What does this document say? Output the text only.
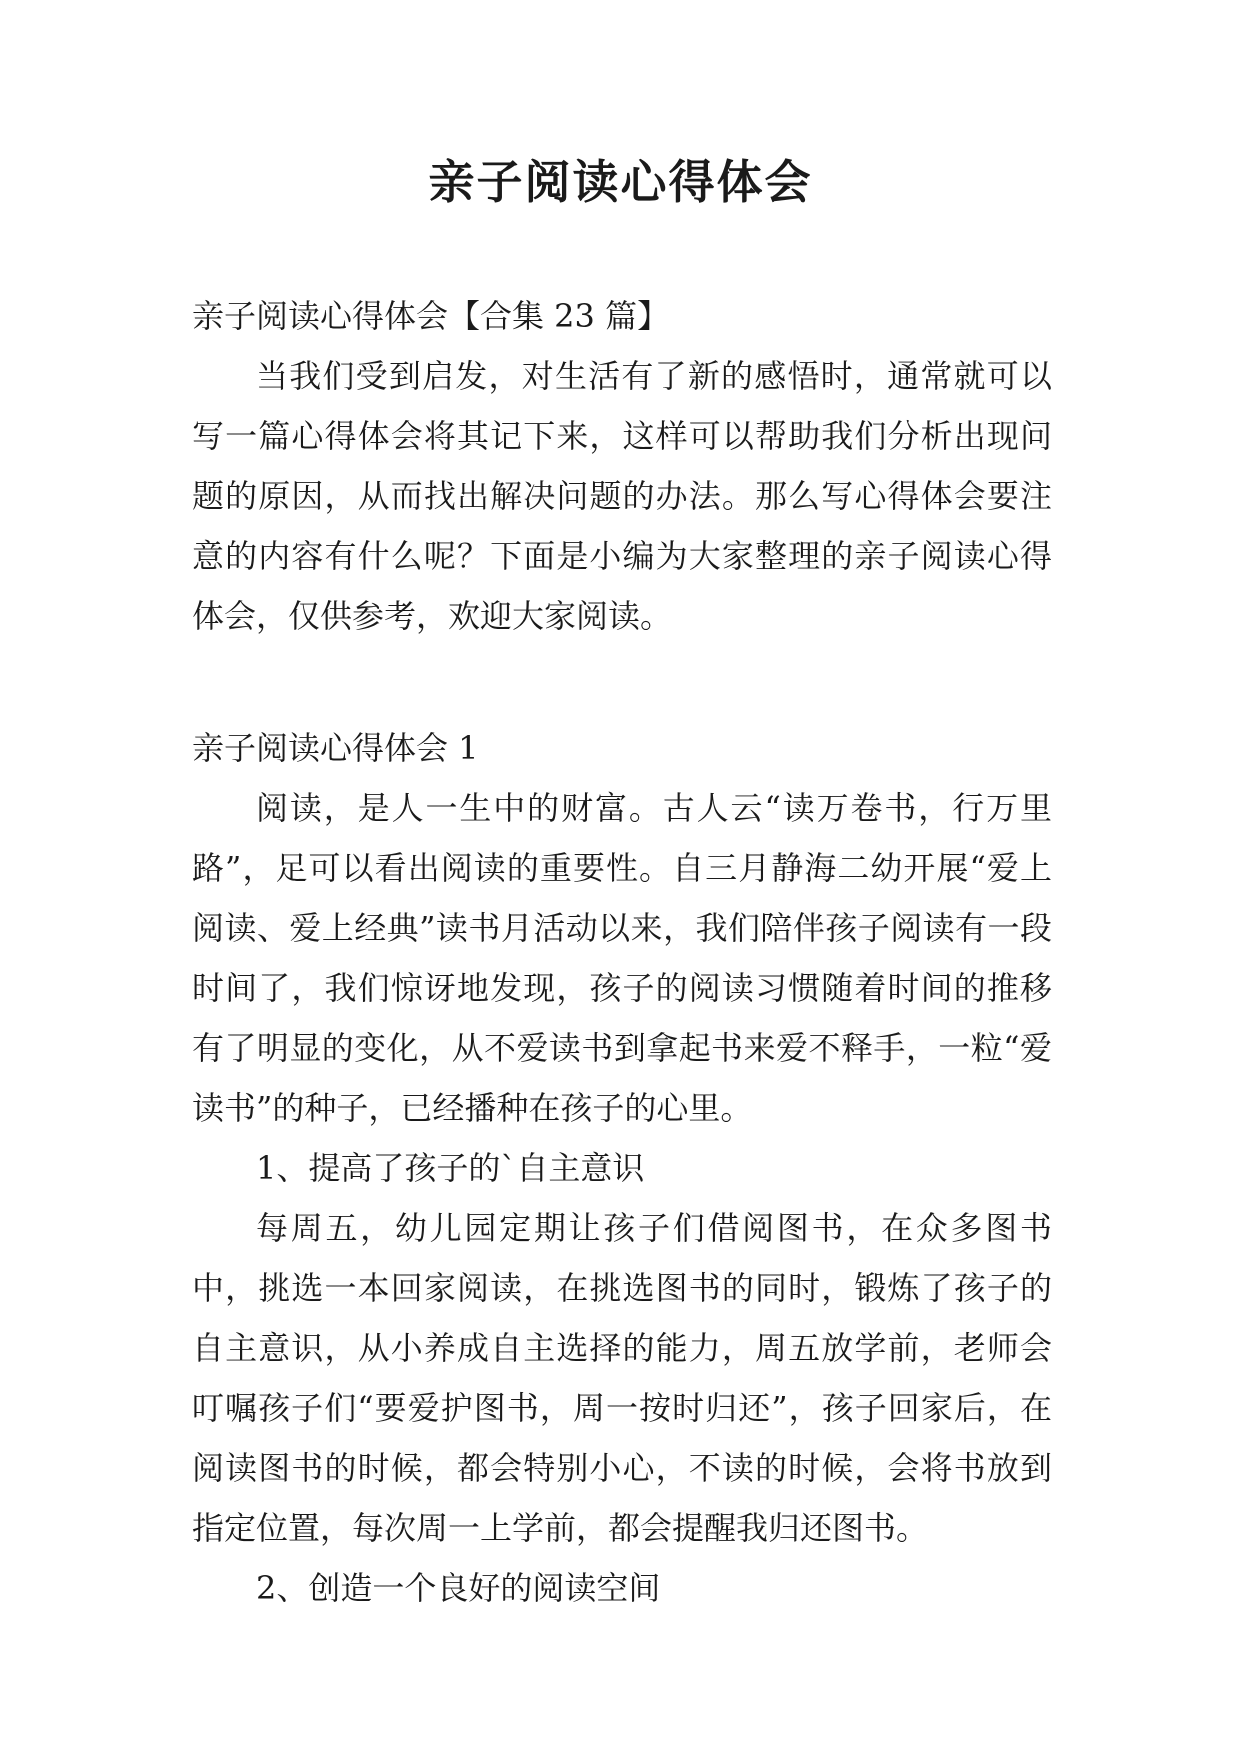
亲子阅读心得体会

亲子阅读心得体会【合集 23 篇】

当我们受到启发，对生活有了新的感悟时，通常就可以写一篇心得体会将其记下来，这样可以帮助我们分析出现问题的原因，从而找出解决问题的办法。那么写心得体会要注意的内容有什么呢？下面是小编为大家整理的亲子阅读心得体会，仅供参考，欢迎大家阅读。

亲子阅读心得体会 1

阅读，是人一生中的财富。古人云“读万卷书，行万里路”，足可以看出阅读的重要性。自三月静海二幼开展“爱上阅读、爱上经典”读书月活动以来，我们陪伴孩子阅读有一段时间了，我们惊讶地发现，孩子的阅读习惯随着时间的推移有了明显的变化，从不爱读书到拿起书来爱不释手，一粒“爱读书”的种子，已经播种在孩子的心里。

1、提高了孩子的`自主意识

每周五，幼儿园定期让孩子们借阅图书，在众多图书中，挑选一本回家阅读，在挑选图书的同时，锻炼了孩子的自主意识，从小养成自主选择的能力，周五放学前，老师会叮嘱孩子们“要爱护图书，周一按时归还”，孩子回家后，在阅读图书的时候，都会特别小心，不读的时候，会将书放到指定位置，每次周一上学前，都会提醒我归还图书。

2、创造一个良好的阅读空间
